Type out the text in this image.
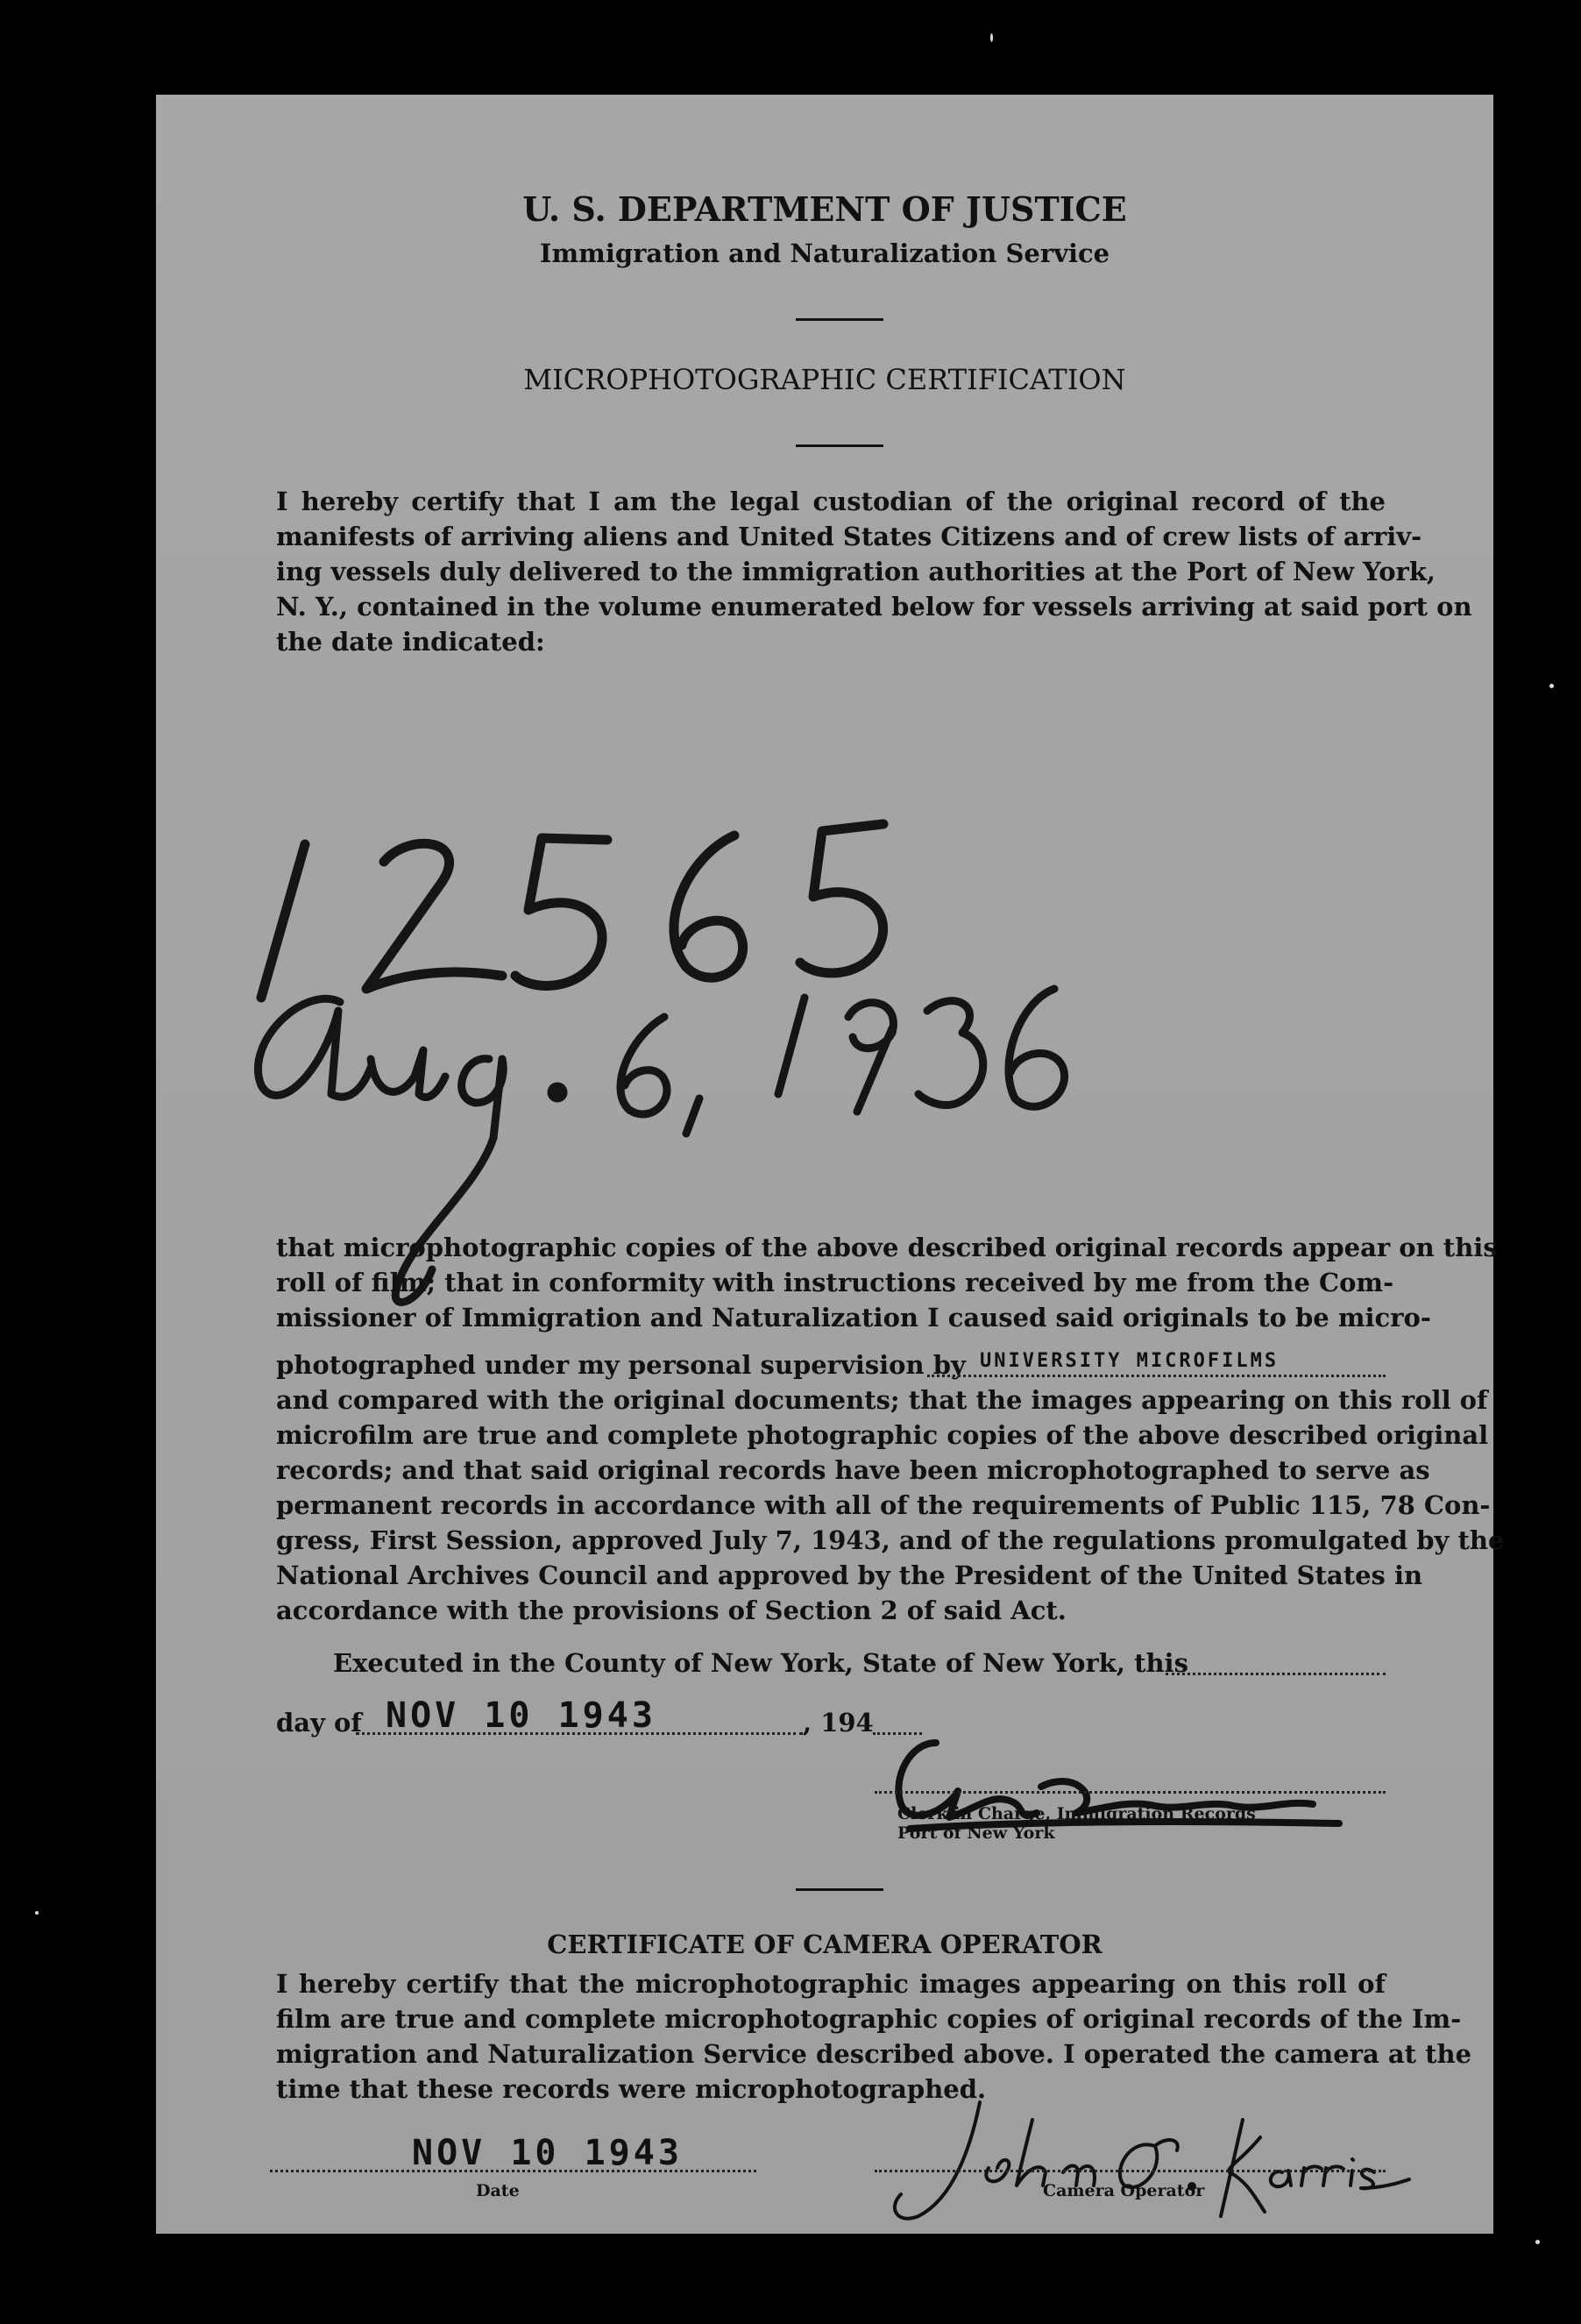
U. S. DEPARTMENT OF JUSTICE
Immigration and Naturalization Service
MICROPHOTOGRAPHIC CERTIFICATION
I hereby certify that I am the legal custodian of the original record of the
manifests of arriving aliens and United States Citizens and of crew lists of arriv-
ing vessels duly delivered to the immigration authorities at the Port of New York,
N. Y., contained in the volume enumerated below for vessels arriving at said port on
the date indicated:
that microphotographic copies of the above described original records appear on this
roll of film; that in conformity with instructions received by me from the Com-
missioner of Immigration and Naturalization I caused said originals to be micro-
photographed under my personal supervision by UNIVERSITY MICROFILMS
and compared with the original documents; that the images appearing on this roll of
microfilm are true and complete photographic copies of the above described original
records; and that said original records have been microphotographed to serve as
permanent records in accordance with all of the requirements of Public 115, 78 Con-
gress, First Session, approved July 7, 1943, and of the regulations promulgated by the
National Archives Council and approved by the President of the United States in
accordance with the provisions of Section 2 of said Act.
Executed in the County of New York, State of New York, this
day of NOV 10 1943	, 194
Clerk in Charge, Immigration Records
Port of New York
CERTIFICATE OF CAMERA OPERATOR
I hereby certify that the microphotographic images appearing on this roll of
film are true and complete microphotographic copies of original records of the Im-
migration and Naturalization Service described above. I operated the camera at the
time that these records were microphotographed.
NOV 10 1943
Date	Camera Operator
